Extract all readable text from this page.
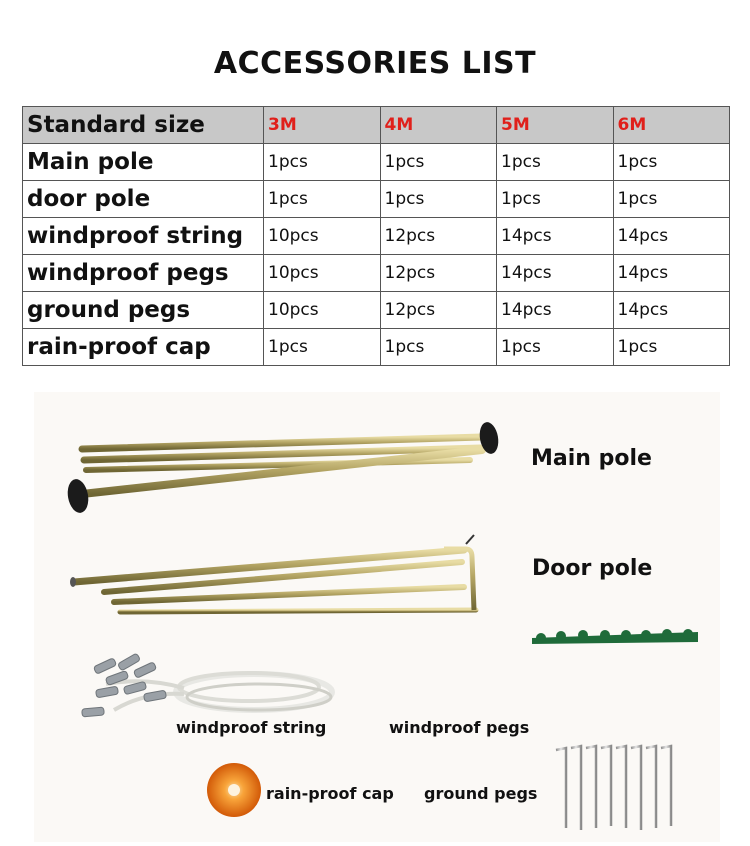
ACCESSORIES LIST
Standard size	3M	4M	5M	6M
Main pole	1pcs	1pcs	1pcs	1pcs
door pole	1pcs	1pcs	1pcs	1pcs
windproof string	10pcs	12pcs	14pcs	14pcs
windproof pegs	10pcs	12pcs	14pcs	14pcs
ground pegs	10pcs	12pcs	14pcs	14pcs
rain-proof cap	1pcs	1pcs	1pcs	1pcs
Main pole
Door pole
windproof string	windproof pegs
rain-proof cap ground pegs
